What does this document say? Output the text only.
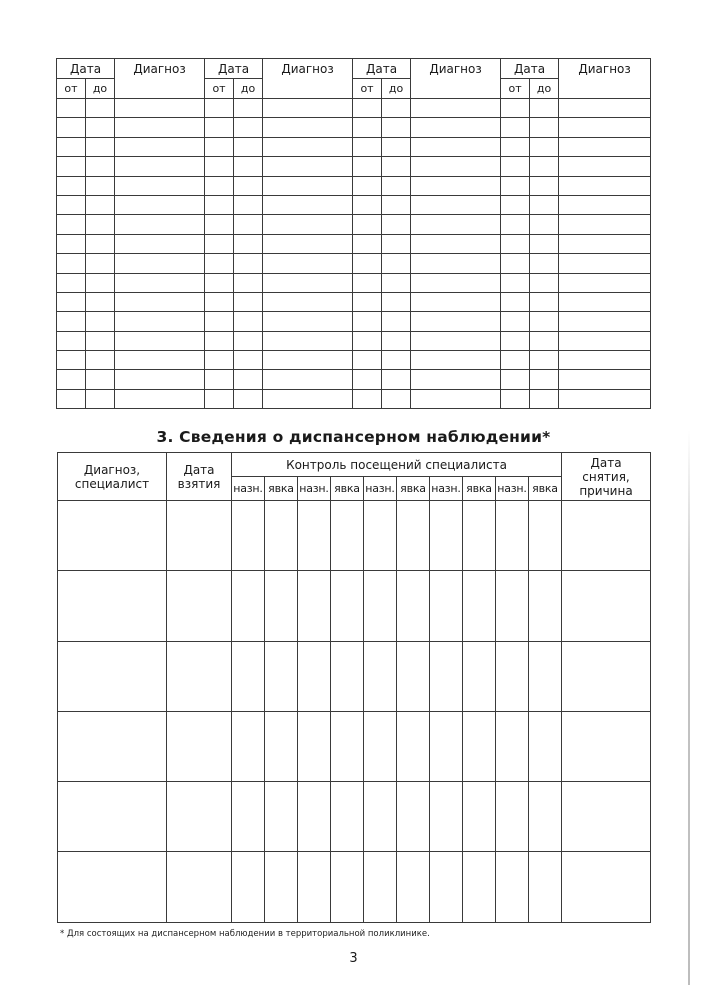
Дата		Диагноз	Дата		Диагноз	Дата		Диагноз	Дата		Диагноз
от	до		от	до		от	до		от	до	

3. Сведения о диспансерном наблюдении*
Диагноз, специалист	Дата взятия	Контроль посещений специалиста										Дата снятия, причина
		назн.	явка	назн.	явка	назн.	явка	назн.	явка	назн.	явка	

* Для состоящих на диспансерном наблюдении в территориальной поликлинике.
3
